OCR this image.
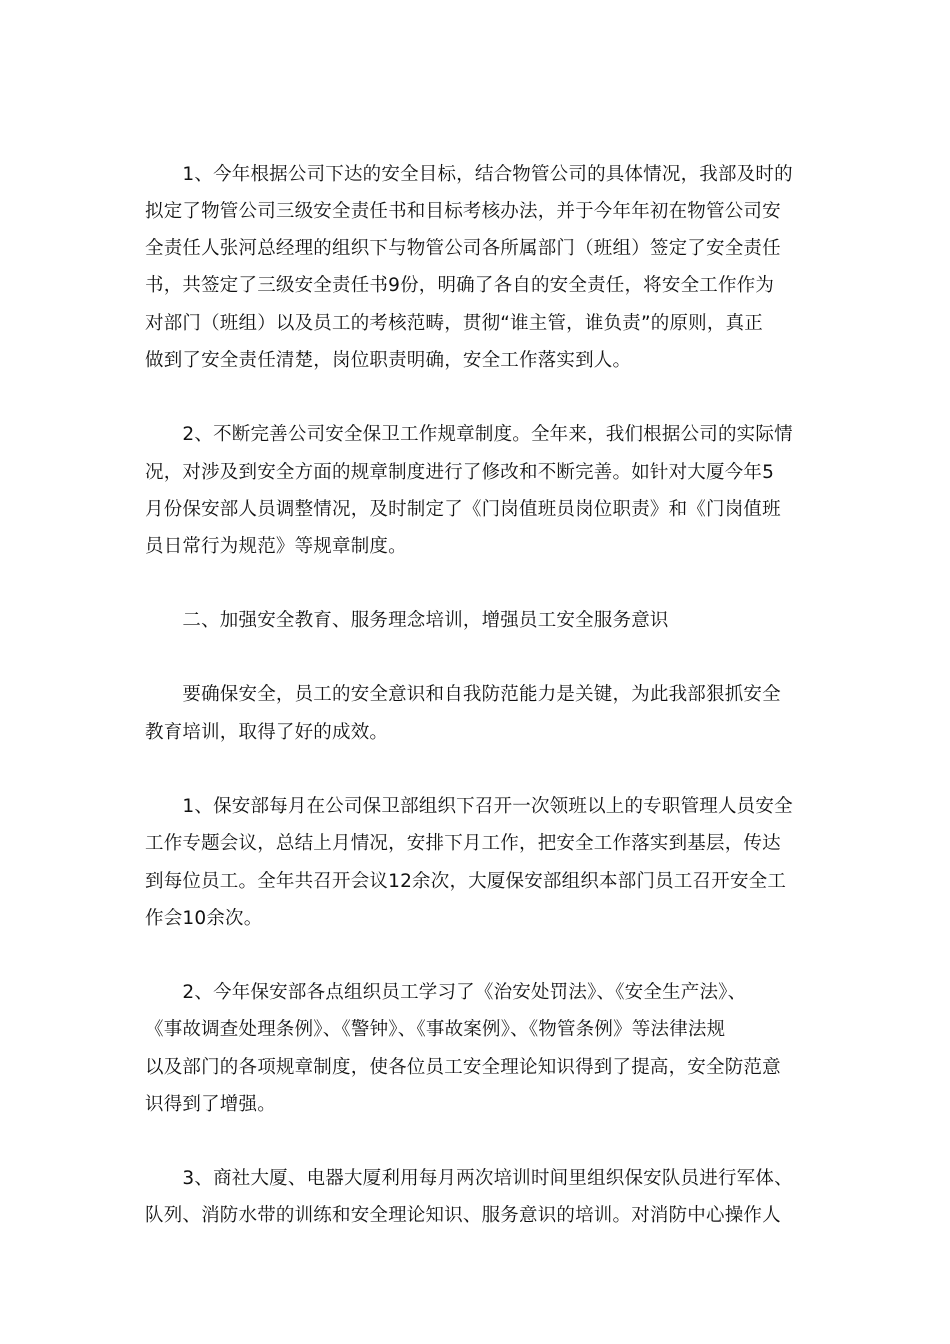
　　1、今年根据公司下达的安全目标，结合物管公司的具体情况，我部及时的
拟定了物管公司三级安全责任书和目标考核办法，并于今年年初在物管公司安
全责任人张河总经理的组织下与物管公司各所属部门（班组）签定了安全责任
书，共签定了三级安全责任书9份，明确了各自的安全责任，将安全工作作为
对部门（班组）以及员工的考核范畴，贯彻“谁主管，谁负责”的原则，真正
做到了安全责任清楚，岗位职责明确，安全工作落实到人。
　　2、不断完善公司安全保卫工作规章制度。全年来，我们根据公司的实际情
况，对涉及到安全方面的规章制度进行了修改和不断完善。如针对大厦今年5
月份保安部人员调整情况，及时制定了《门岗值班员岗位职责》和《门岗值班
员日常行为规范》等规章制度。
　　二、加强安全教育、服务理念培训，增强员工安全服务意识
　　要确保安全，员工的安全意识和自我防范能力是关键，为此我部狠抓安全
教育培训，取得了好的成效。
　　1、保安部每月在公司保卫部组织下召开一次领班以上的专职管理人员安全
工作专题会议，总结上月情况，安排下月工作，把安全工作落实到基层，传达
到每位员工。全年共召开会议12余次，大厦保安部组织本部门员工召开安全工
作会10余次。
　　2、今年保安部各点组织员工学习了《治安处罚法》、《安全生产法》、
《事故调查处理条例》、《警钟》、《事故案例》、《物管条例》等法律法规
以及部门的各项规章制度，使各位员工安全理论知识得到了提高，安全防范意
识得到了增强。
　　3、商社大厦、电器大厦利用每月两次培训时间里组织保安队员进行军体、
队列、消防水带的训练和安全理论知识、服务意识的培训。对消防中心操作人
